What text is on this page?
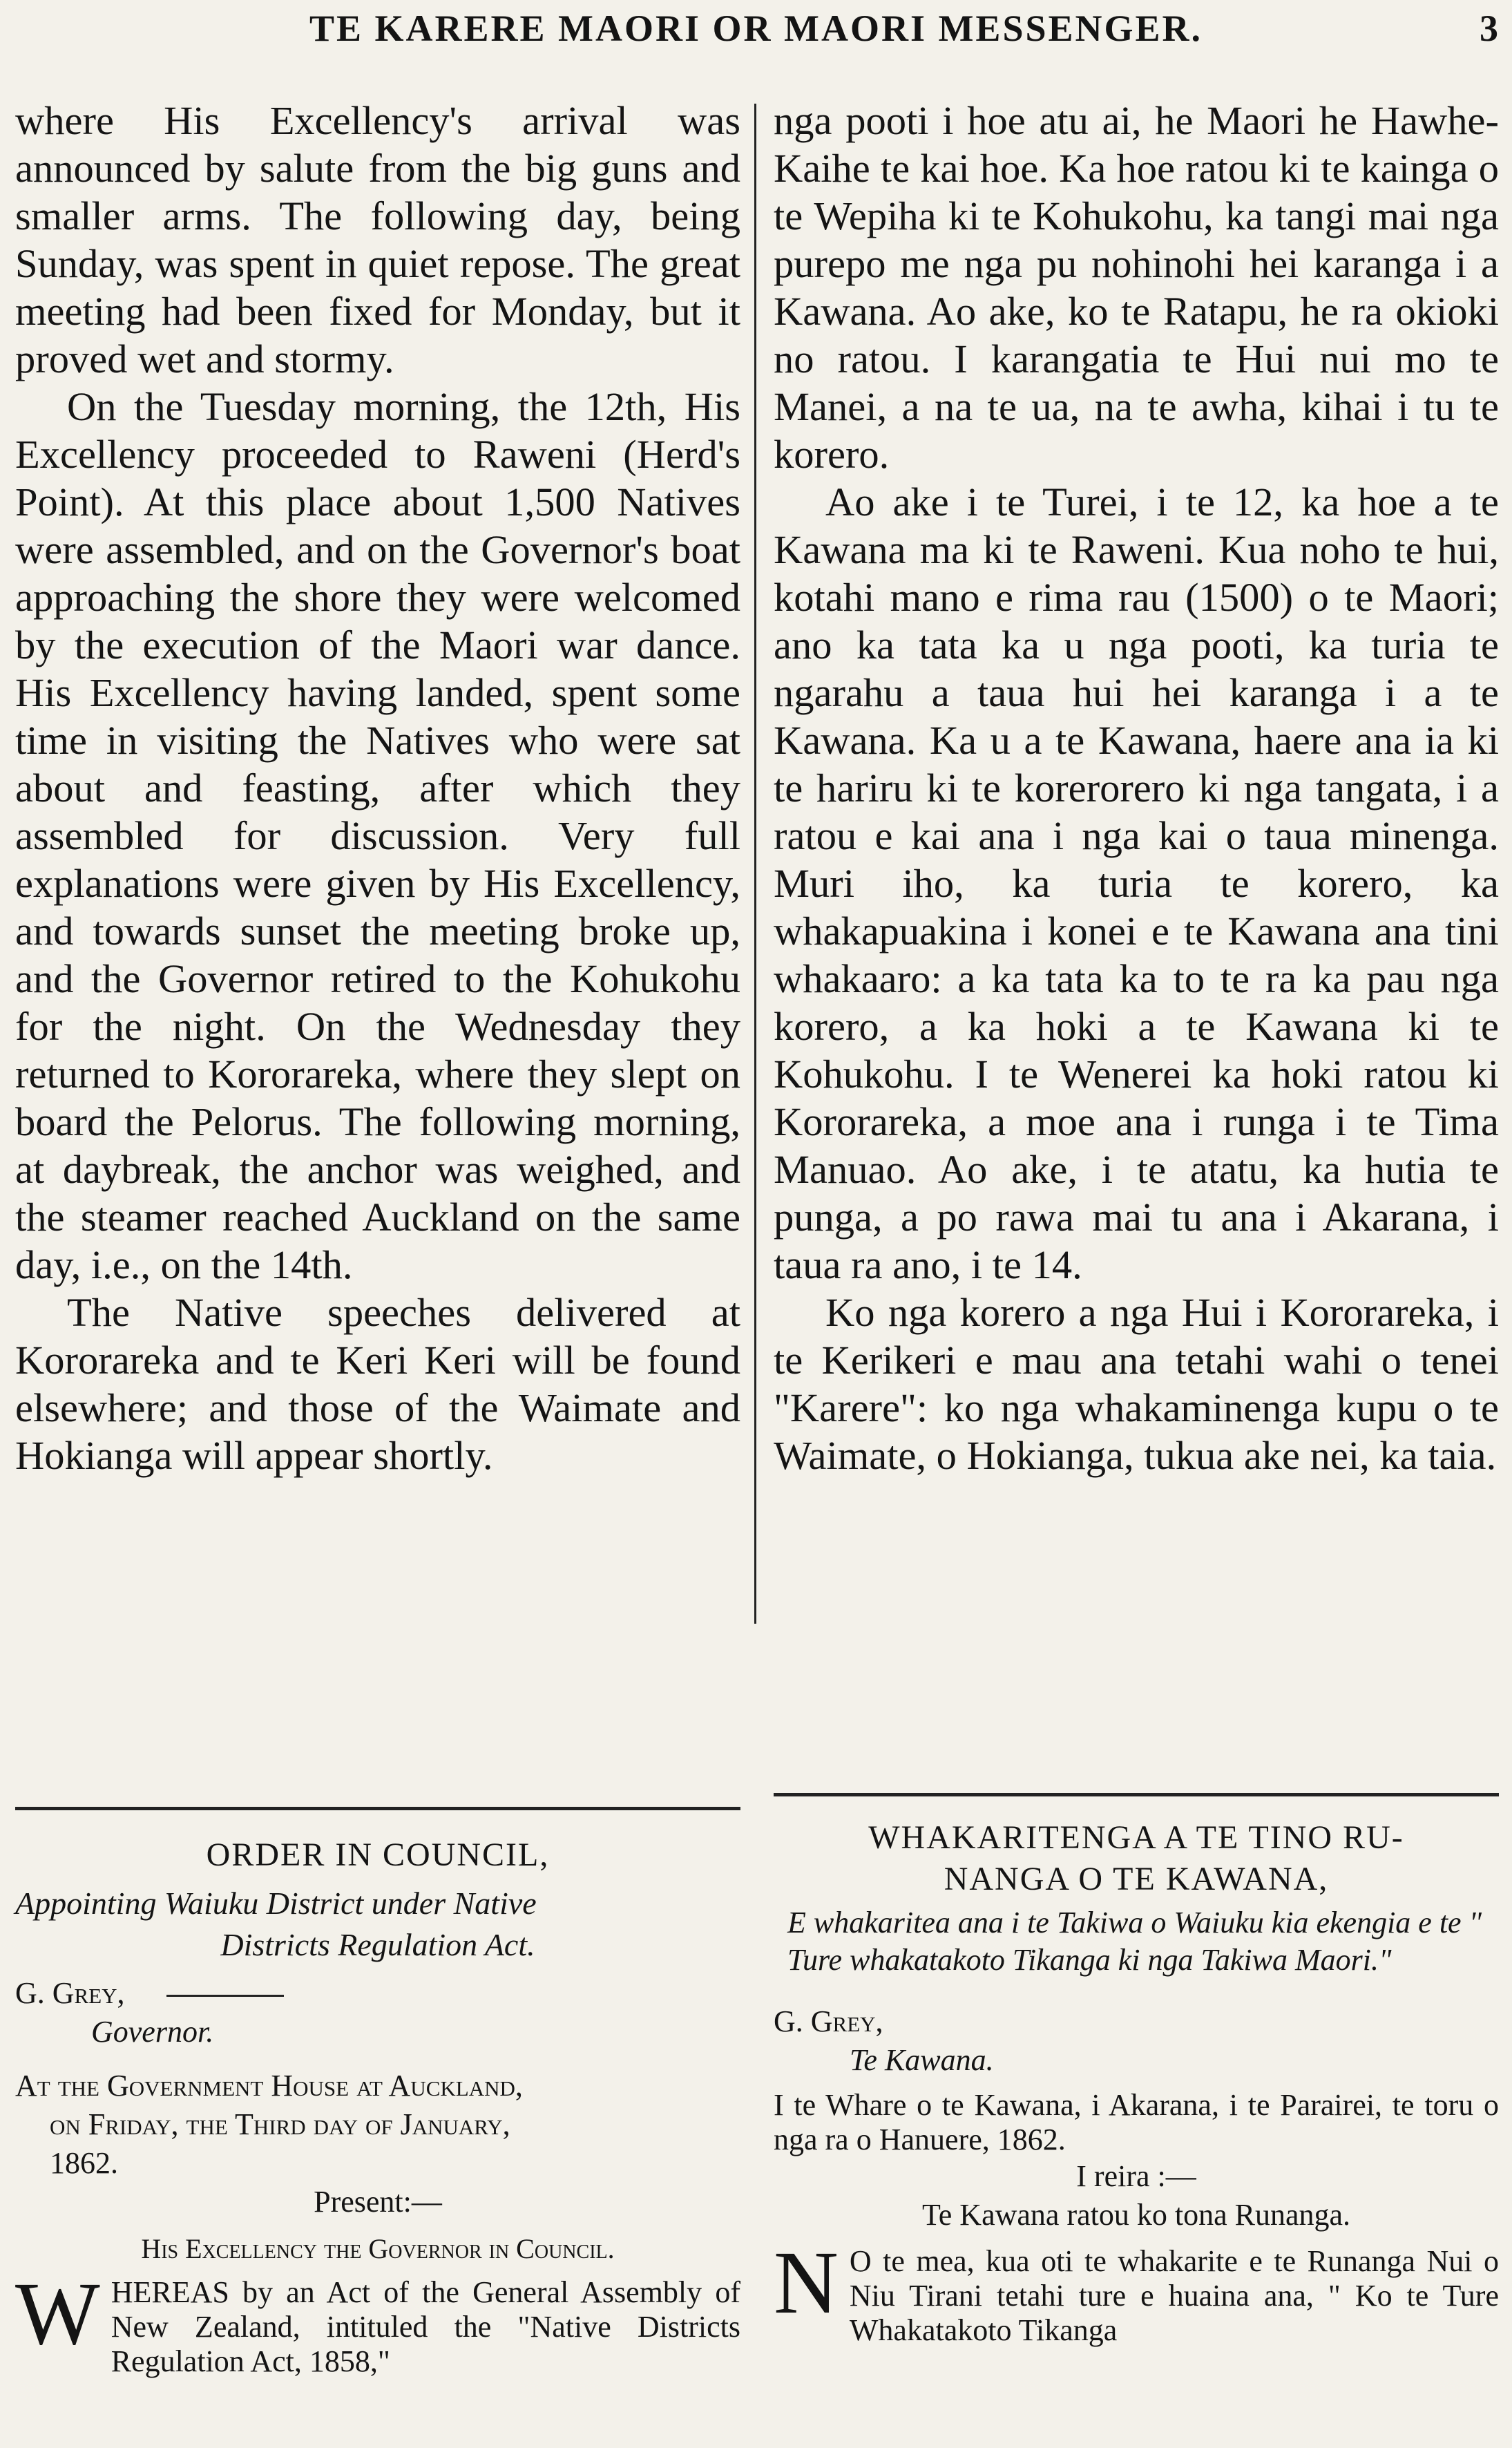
TE KARERE MAORI OR MAORI MESSENGER.	3

where His Excellency's arrival was announced by salute from the big guns and smaller arms. The following day, being Sunday, was spent in quiet repose. The great meeting had been fixed for Monday, but it proved wet and stormy.

On the Tuesday morning, the 12th, His Excellency proceeded to Raweni (Herd's Point). At this place about 1,500 Natives were assembled, and on the Governor's boat approaching the shore they were welcomed by the execution of the Maori war dance. His Excellency having landed, spent some time in visiting the Natives who were sat about and feasting, after which they assembled for discussion. Very full explanations were given by His Excellency, and towards sunset the meeting broke up, and the Governor retired to the Kohukohu for the night. On the Wednesday they returned to Kororareka, where they slept on board the Pelorus. The following morning, at daybreak, the anchor was weighed, and the steamer reached Auckland on the same day, i.e., on the 14th.

The Native speeches delivered at Kororareka and te Keri Keri will be found elsewhere; and those of the Waimate and Hokianga will appear shortly.

ORDER IN COUNCIL,

Appointing Waiuku District under Native

Districts Regulation Act.

G. Grey,

Governor.

At the Government House at Auckland,

on Friday, the Third day of January,

1862.

Present:—

His Excellency the Governor in Council.

WHEREAS by an Act of the General Assembly of New Zealand, intituled the "Native Districts Regulation Act, 1858,"

nga pooti i hoe atu ai, he Maori he Hawhe-Kaihe te kai hoe. Ka hoe ratou ki te kainga o te Wepiha ki te Kohukohu, ka tangi mai nga purepo me nga pu nohinohi hei karanga i a Kawana. Ao ake, ko te Ratapu, he ra okioki no ratou. I karangatia te Hui nui mo te Manei, a na te ua, na te awha, kihai i tu te korero.

Ao ake i te Turei, i te 12, ka hoe a te Kawana ma ki te Raweni. Kua noho te hui, kotahi mano e rima rau (1500) o te Maori; ano ka tata ka u nga pooti, ka turia te ngarahu a taua hui hei karanga i a te Kawana. Ka u a te Kawana, haere ana ia ki te hariru ki te korerorero ki nga tangata, i a ratou e kai ana i nga kai o taua minenga. Muri iho, ka turia te korero, ka whakapuakina i konei e te Kawana ana tini whakaaro: a ka tata ka to te ra ka pau nga korero, a ka hoki a te Kawana ki te Kohukohu. I te Wenerei ka hoki ratou ki Kororareka, a moe ana i runga i te Tima Manuao. Ao ake, i te atatu, ka hutia te punga, a po rawa mai tu ana i Akarana, i taua ra ano, i te 14.

Ko nga korero a nga Hui i Kororareka, i te Kerikeri e mau ana tetahi wahi o tenei "Karere": ko nga whakaminenga kupu o te Waimate, o Hokianga, tukua ake nei, ka taia.

WHAKARITENGA A TE TINO RU-

NANGA O TE KAWANA,

E whakaritea ana i te Takiwa o Waiuku kia ekengia e te " Ture whakatakoto Tikanga ki nga Takiwa Maori."

G. Grey,

Te Kawana.

I te Whare o te Kawana, i Akarana, i te Parairei, te toru o nga ra o Hanuere, 1862.

I reira :—

Te Kawana ratou ko tona Runanga.

N O te mea, kua oti te whakarite e te Runanga Nui o Niu Tirani tetahi ture e huaina ana, " Ko te Ture Whakatakoto Tikanga
